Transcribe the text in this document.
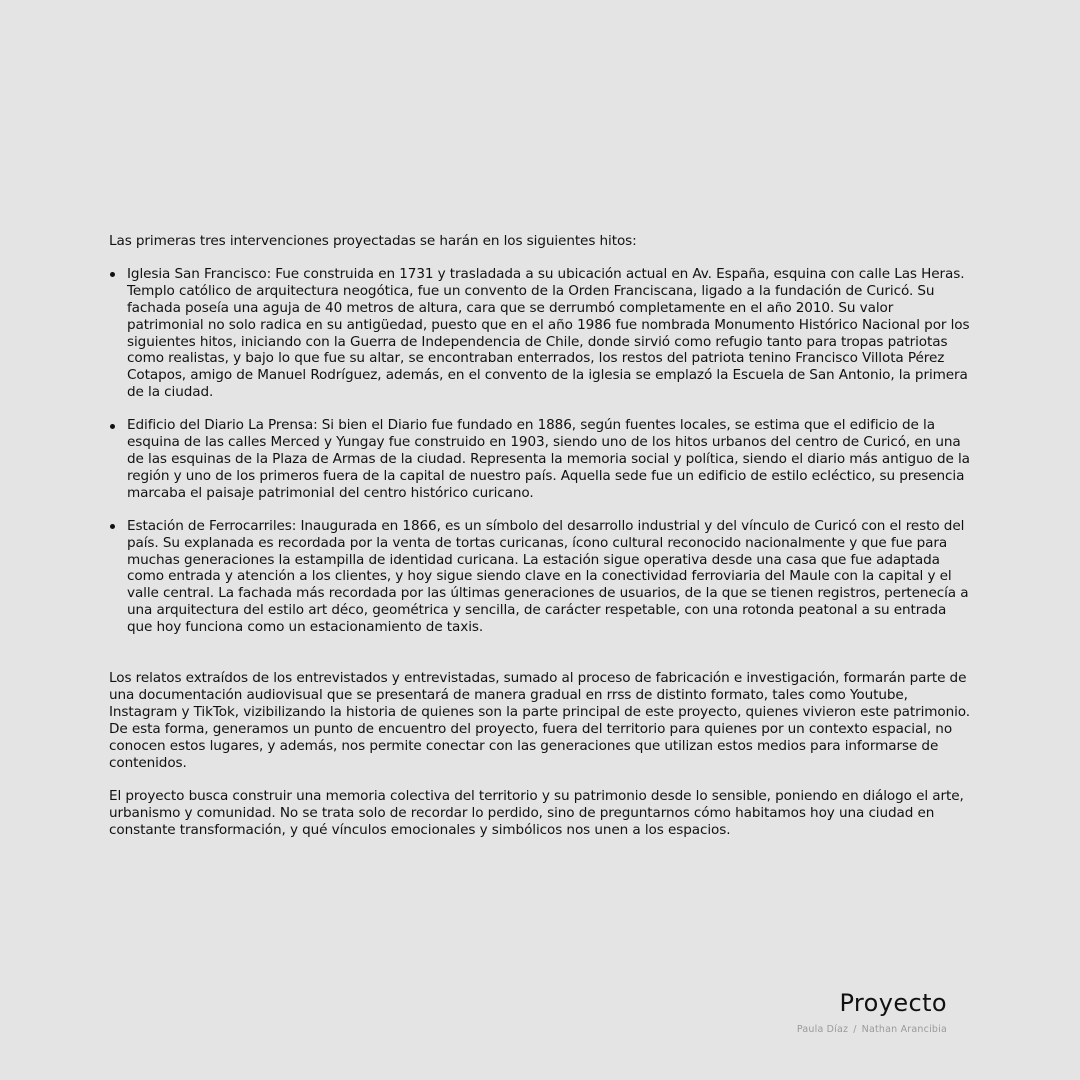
Las primeras tres intervenciones proyectadas se harán en los siguientes hitos:

Iglesia San Francisco: Fue construida en 1731 y trasladada a su ubicación actual en Av. España, esquina con calle Las Heras. Templo católico de arquitectura neogótica, fue un convento de la Orden Franciscana, ligado a la fundación de Curicó. Su fachada poseía una aguja de 40 metros de altura, cara que se derrumbó completamente en el año 2010. Su valor patrimonial no solo radica en su antigüedad, puesto que en el año 1986 fue nombrada Monumento Histórico Nacional por los siguientes hitos, iniciando con la Guerra de Independencia de Chile, donde sirvió como refugio tanto para tropas patriotas como realistas, y bajo lo que fue su altar, se encontraban enterrados, los restos del patriota tenino Francisco Villota Pérez Cotapos, amigo de Manuel Rodríguez, además, en el convento de la iglesia se emplazó la Escuela de San Antonio, la primera de la ciudad.
Edificio del Diario La Prensa: Si bien el Diario fue fundado en 1886, según fuentes locales, se estima que el edificio de la esquina de las calles Merced y Yungay fue construido en 1903, siendo uno de los hitos urbanos del centro de Curicó, en una de las esquinas de la Plaza de Armas de la ciudad. Representa la memoria social y política, siendo el diario más antiguo de la región y uno de los primeros fuera de la capital de nuestro país. Aquella sede fue un edificio de estilo ecléctico, su presencia marcaba el paisaje patrimonial del centro histórico curicano.
Estación de Ferrocarriles: Inaugurada en 1866, es un símbolo del desarrollo industrial y del vínculo de Curicó con el resto del país. Su explanada es recordada por la venta de tortas curicanas, ícono cultural reconocido nacionalmente y que fue para muchas generaciones la estampilla de identidad curicana. La estación sigue operativa desde una casa que fue adaptada como entrada y atención a los clientes, y hoy sigue siendo clave en la conectividad ferroviaria del Maule con la capital y el valle central. La fachada más recordada por las últimas generaciones de usuarios, de la que se tienen registros, pertenecía a una arquitectura del estilo art déco, geométrica y sencilla, de carácter respetable, con una rotonda peatonal a su entrada que hoy funciona como un estacionamiento de taxis.

Los relatos extraídos de los entrevistados y entrevistadas, sumado al proceso de fabricación e investigación, formarán parte de una documentación audiovisual que se presentará de manera gradual en rrss de distinto formato, tales como Youtube, Instagram y TikTok, vizibilizando la historia de quienes son la parte principal de este proyecto, quienes vivieron este patrimonio. De esta forma, generamos un punto de encuentro del proyecto, fuera del territorio para quienes por un contexto espacial, no conocen estos lugares, y además, nos permite conectar con las generaciones que utilizan estos medios para informarse de contenidos.

El proyecto busca construir una memoria colectiva del territorio y su patrimonio desde lo sensible, poniendo en diálogo el arte, urbanismo y comunidad. No se trata solo de recordar lo perdido, sino de preguntarnos cómo habitamos hoy una ciudad en constante transformación, y qué vínculos emocionales y simbólicos nos unen a los espacios.

Proyecto
Paula Díaz / Nathan Arancibia
